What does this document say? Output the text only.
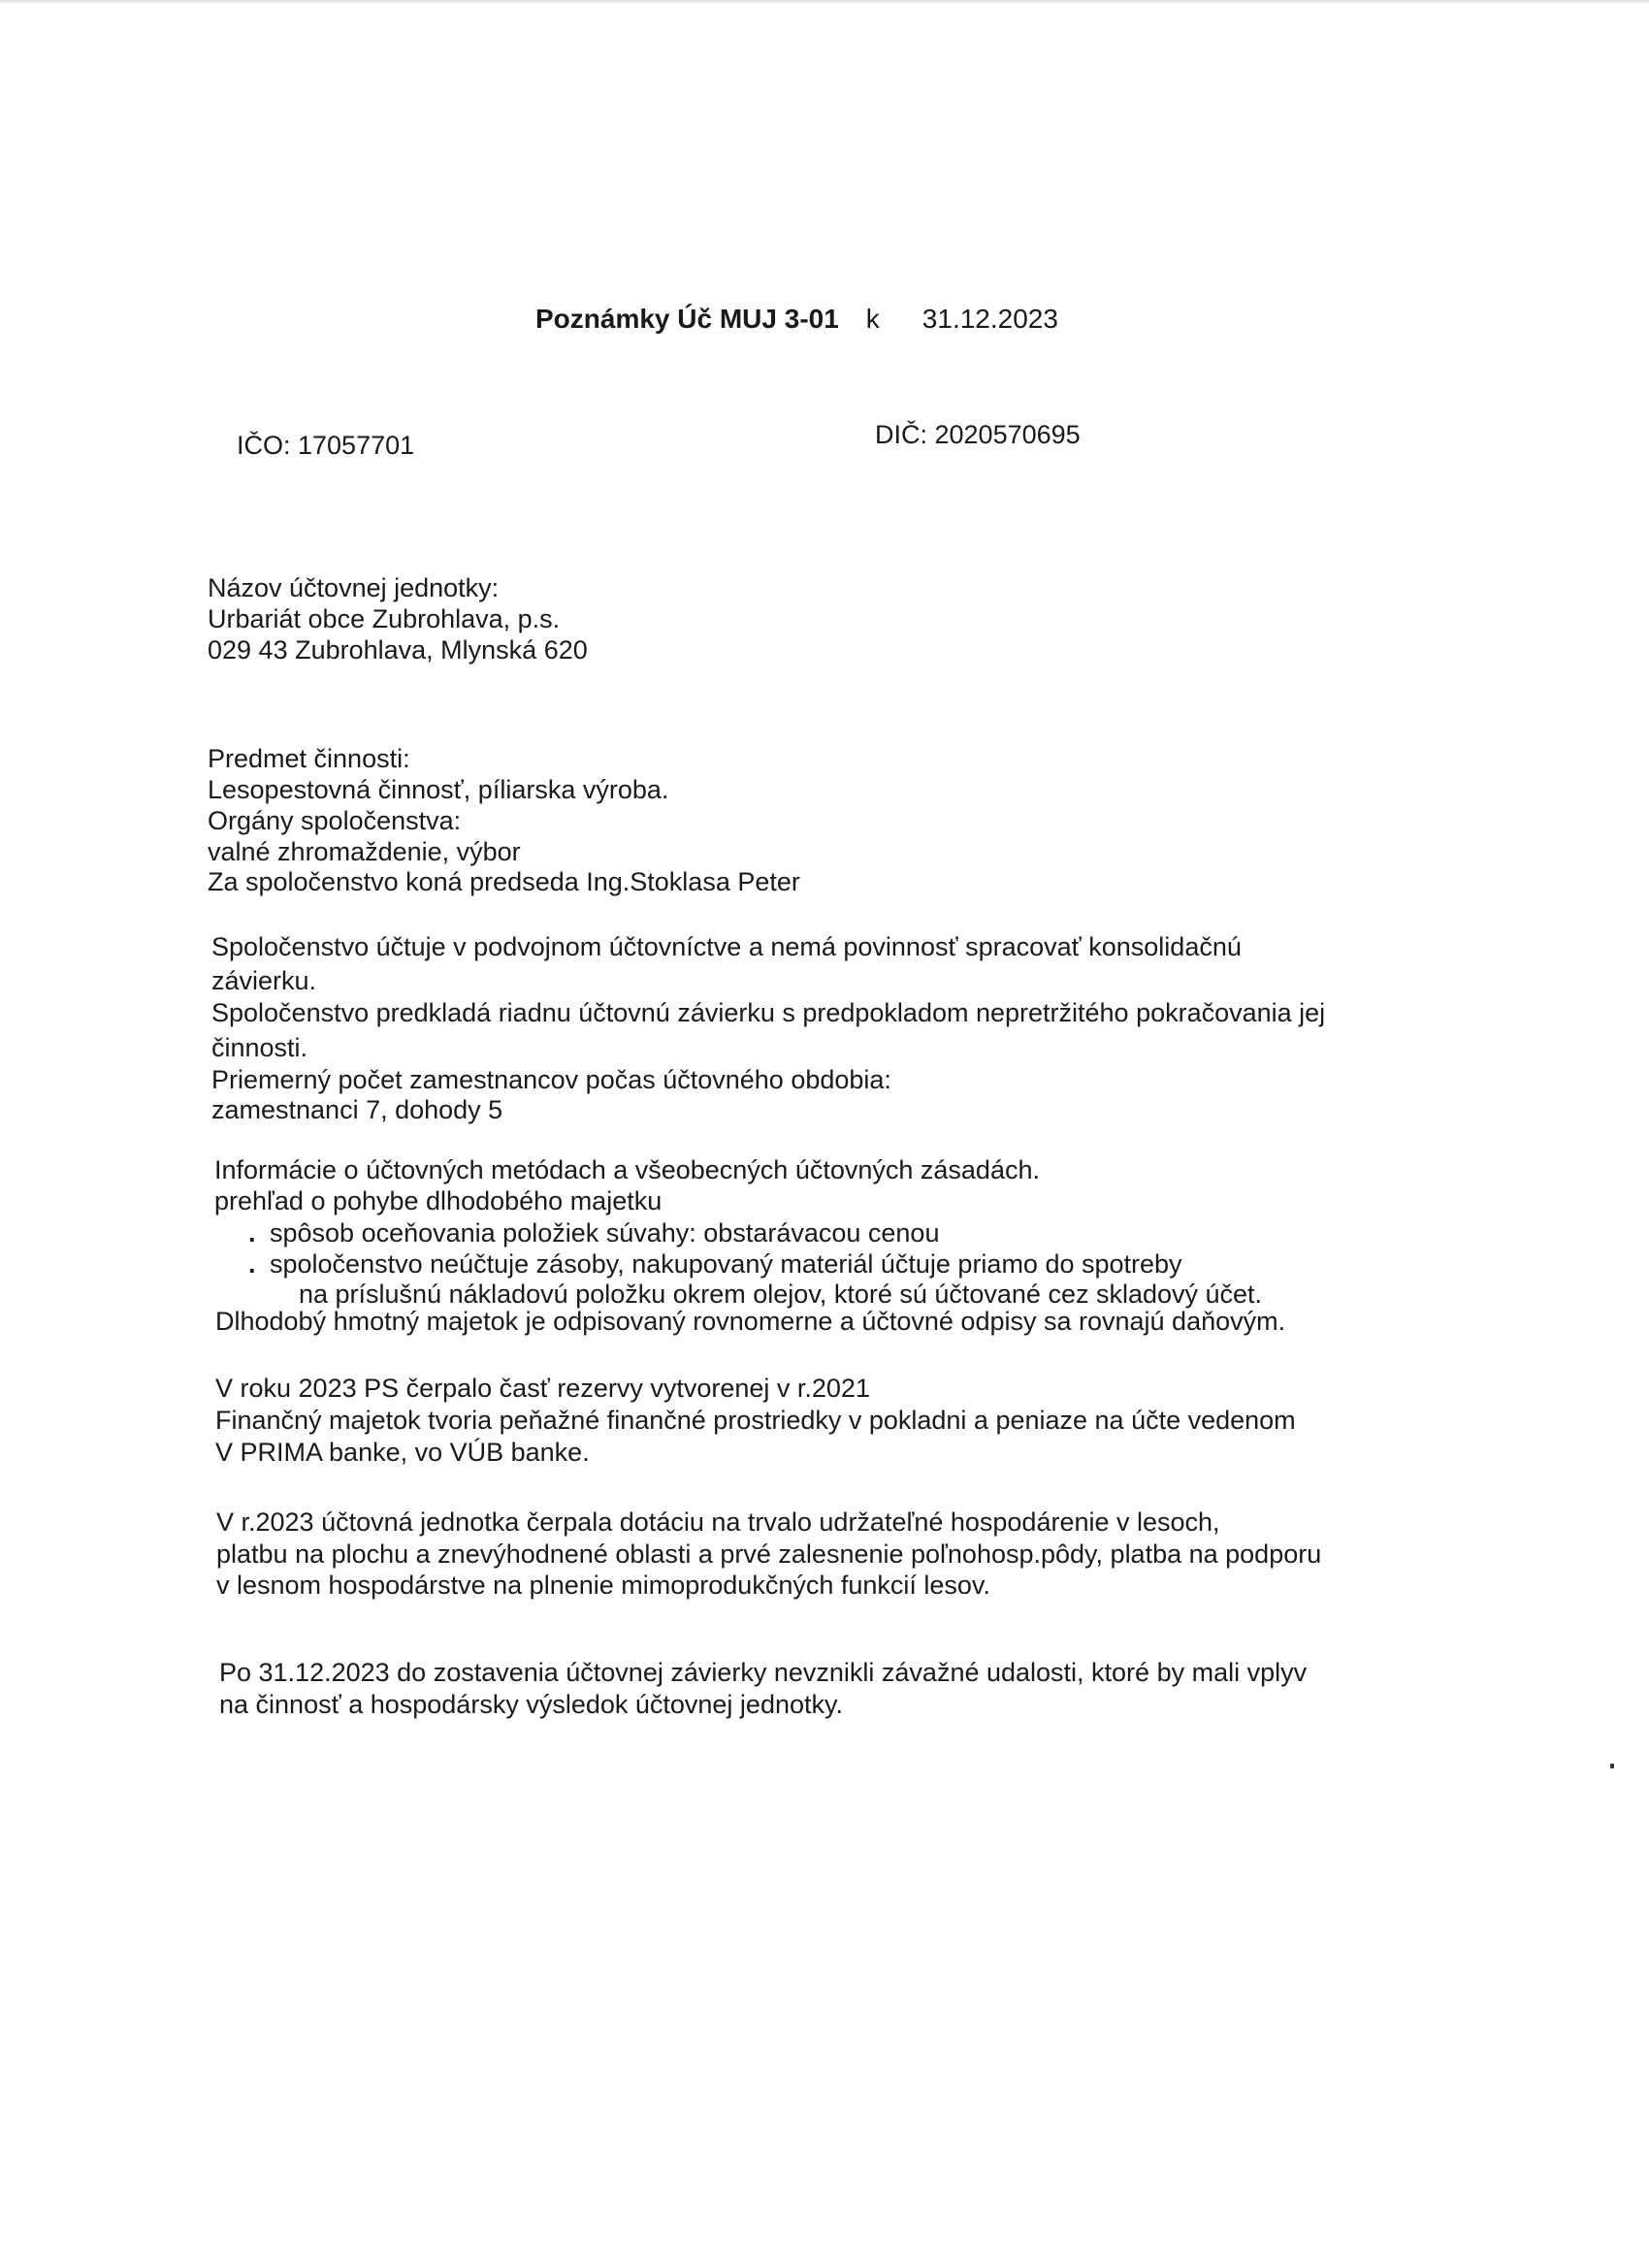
Poznámky Úč MUJ 3-01 k 31.12.2023

IČO: 17057701	DIČ: 2020570695

Názov účtovnej jednotky:

Urbariát obce Zubrohlava, p.s.

029 43 Zubrohlava, Mlynská 620

Predmet činnosti:

Lesopestovná činnosť, píliarska výroba.

Orgány spoločenstva:

valné zhromaždenie, výbor

Za spoločenstvo koná predseda Ing.Stoklasa Peter

Spoločenstvo účtuje v podvojnom účtovníctve a nemá povinnosť spracovať konsolidačnú

závierku.

Spoločenstvo predkladá riadnu účtovnú závierku s predpokladom nepretržitého pokračovania jej

činnosti.

Priemerný počet zamestnancov počas účtovného obdobia:

zamestnanci 7, dohody 5

Informácie o účtovných metódach a všeobecných účtovných zásadách.

prehľad o pohybe dlhodobého majetku

. spôsob oceňovania položiek súvahy: obstarávacou cenou

. spoločenstvo neúčtuje zásoby, nakupovaný materiál účtuje priamo do spotreby

na príslušnú nákladovú položku okrem olejov, ktoré sú účtované cez skladový účet.

Dlhodobý hmotný majetok je odpisovaný rovnomerne a účtovné odpisy sa rovnajú daňovým.

V roku 2023 PS čerpalo časť rezervy vytvorenej v r.2021

Finančný majetok tvoria peňažné finančné prostriedky v pokladni a peniaze na účte vedenom

V PRIMA banke, vo VÚB banke.

V r.2023 účtovná jednotka čerpala dotáciu na trvalo udržateľné hospodárenie v lesoch,

platbu na plochu a znevýhodnené oblasti a prvé zalesnenie poľnohosp.pôdy, platba na podporu

v lesnom hospodárstve na plnenie mimoprodukčných funkcií lesov.

Po 31.12.2023 do zostavenia účtovnej závierky nevznikli závažné udalosti, ktoré by mali vplyv

na činnosť a hospodársky výsledok účtovnej jednotky.
